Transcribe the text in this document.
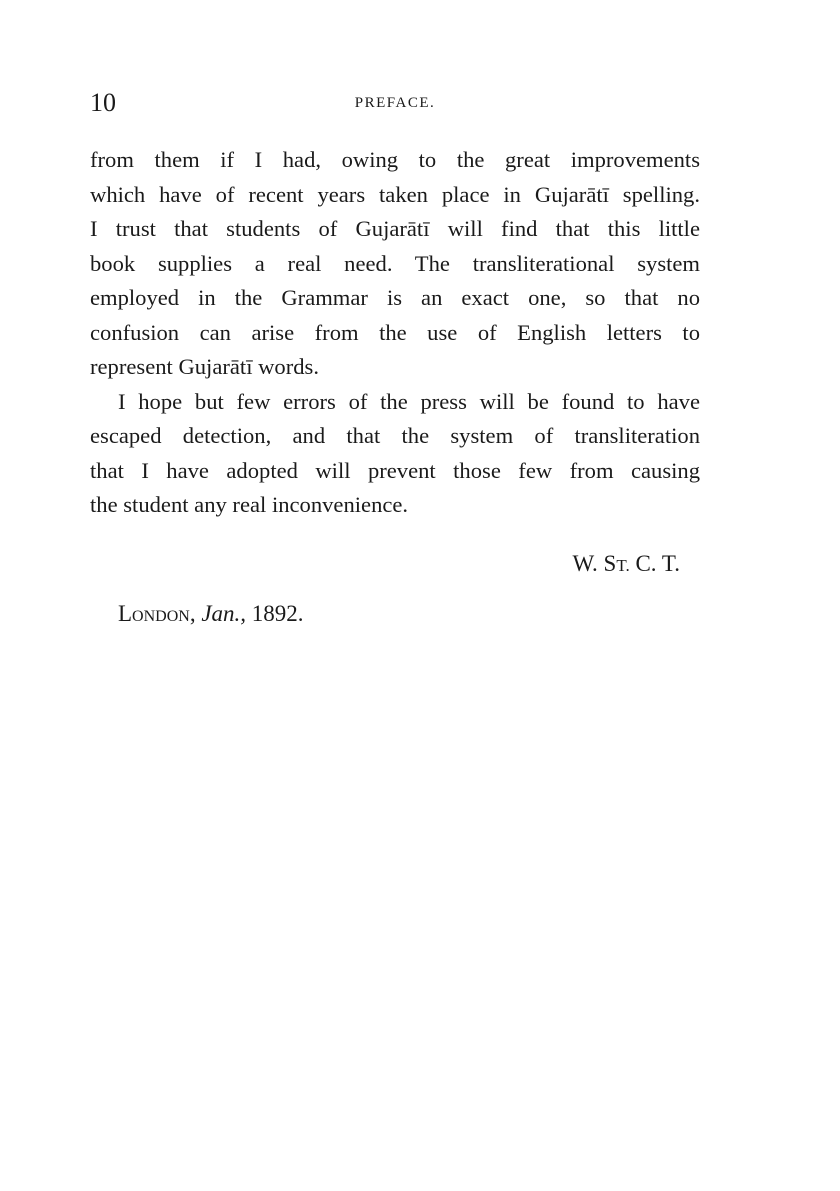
10	PREFACE.
from them if I had, owing to the great improvements
which have of recent years taken place in Gujarātī spelling.
I trust that students of Gujarātī will find that this little
book supplies a real need. The transliterational system
employed in the Grammar is an exact one, so that no
confusion can arise from the use of English letters to
represent Gujarātī words.
I hope but few errors of the press will be found to have
escaped detection, and that the system of transliteration
that I have adopted will prevent those few from causing
the student any real inconvenience.
W. ST. C. T.
London, Jan., 1892.
